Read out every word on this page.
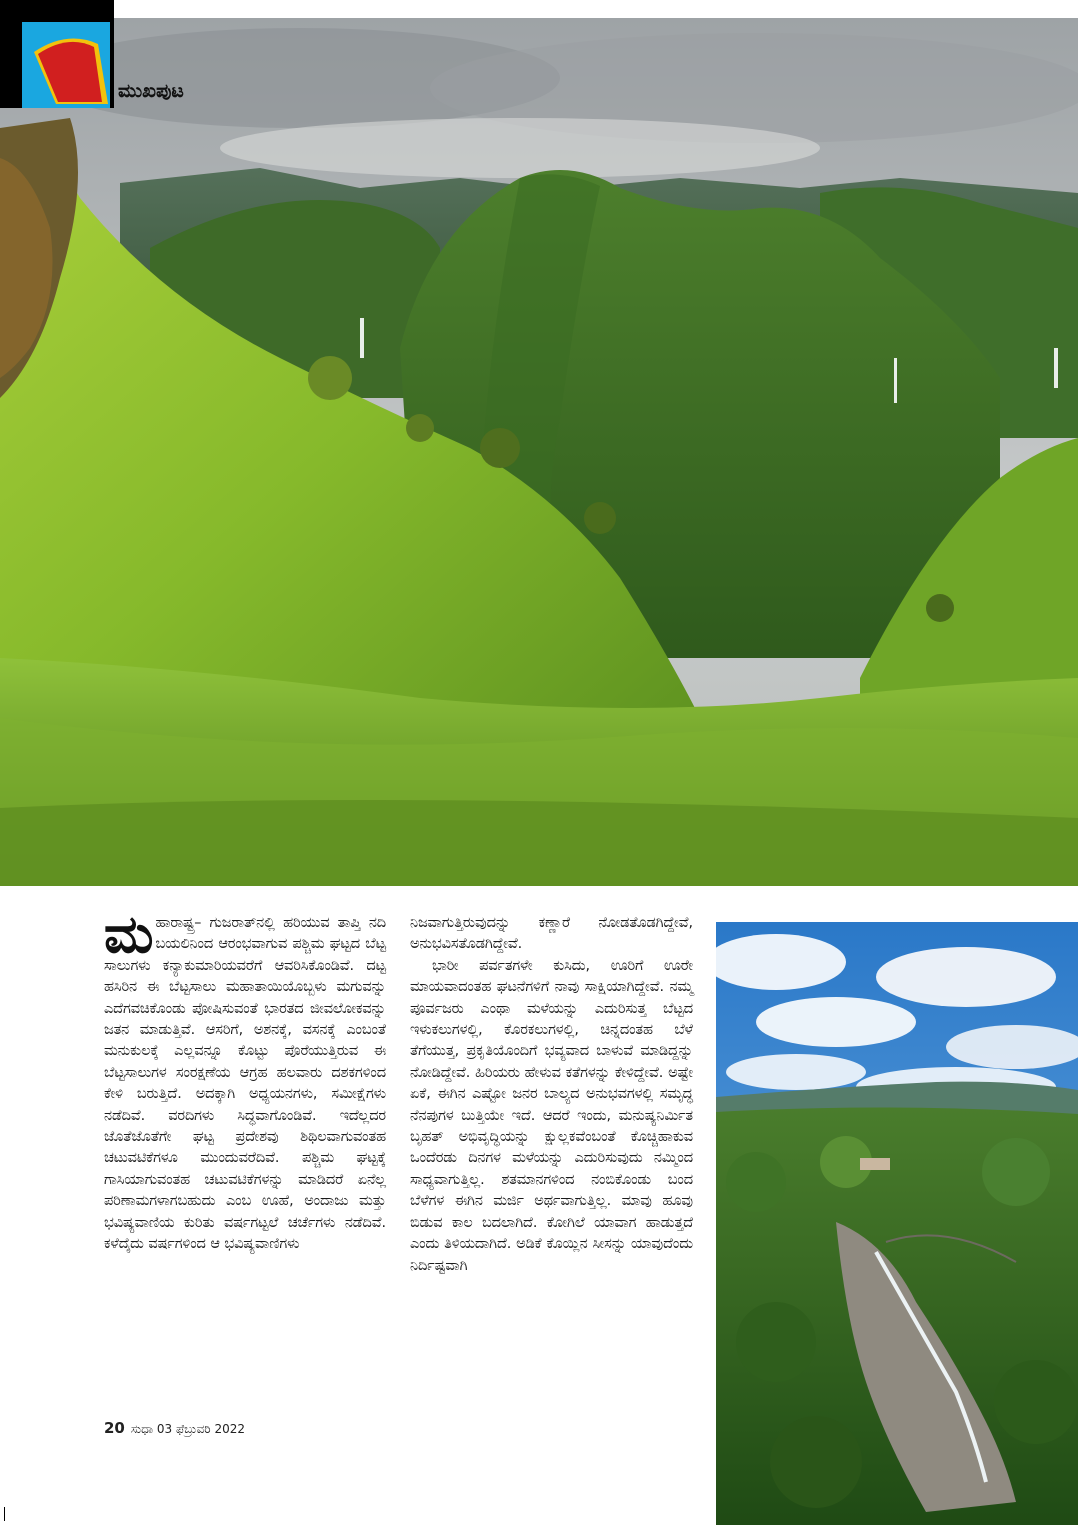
ಮುಖಪುಟ

ಮಹಾರಾಷ್ಟ್ರ– ಗುಜರಾತ್‌ನಲ್ಲಿ ಹರಿಯುವ ತಾಪ್ತಿ ನದಿ ಬಯಲಿನಿಂದ ಆರಂಭವಾಗುವ ಪಶ್ಚಿಮ ಘಟ್ಟದ ಬೆಟ್ಟ ಸಾಲುಗಳು ಕನ್ಯಾಕುಮಾರಿಯವರೆಗೆ ಆವರಿಸಿಕೊಂಡಿವೆ. ದಟ್ಟ ಹಸಿರಿನ ಈ ಬೆಟ್ಟಸಾಲು ಮಹಾತಾಯಿಯೊಬ್ಬಳು ಮಗುವನ್ನು ಎದೆಗವಚಿಕೊಂಡು ಪೋಷಿಸುವಂತೆ ಭಾರತದ ಜೀವಲೋಕವನ್ನು ಜತನ ಮಾಡುತ್ತಿವೆ. ಆಸರಿಗೆ, ಅಶನಕ್ಕೆ, ವಸನಕ್ಕೆ ಎಂಬಂತೆ ಮನುಕುಲಕ್ಕೆ ಎಲ್ಲವನ್ನೂ ಕೊಟ್ಟು ಪೊರೆಯುತ್ತಿರುವ ಈ ಬೆಟ್ಟಸಾಲುಗಳ ಸಂರಕ್ಷಣೆಯ ಆಗ್ರಹ ಹಲವಾರು ದಶಕಗಳಿಂದ ಕೇಳಿ ಬರುತ್ತಿದೆ. ಅದಕ್ಕಾಗಿ ಅಧ್ಯಯನಗಳು, ಸಮೀಕ್ಷೆಗಳು ನಡೆದಿವೆ. ವರದಿಗಳು ಸಿದ್ಧವಾಗೊಂಡಿವೆ. ಇದೆಲ್ಲದರ ಜೊತೆಜೊತೆಗೇ ಘಟ್ಟ ಪ್ರದೇಶವು ಶಿಥಿಲವಾಗುವಂತಹ ಚಟುವಟಿಕೆಗಳೂ ಮುಂದುವರೆದಿವೆ. ಪಶ್ಚಿಮ ಘಟ್ಟಕ್ಕೆ ಗಾಸಿಯಾಗುವಂತಹ ಚಟುವಟಿಕೆಗಳನ್ನು ಮಾಡಿದರೆ ಏನೆಲ್ಲ ಪರಿಣಾಮಗಳಾಗಬಹುದು ಎಂಬ ಊಹೆ, ಅಂದಾಜು ಮತ್ತು ಭವಿಷ್ಯವಾಣಿಯ ಕುರಿತು ವರ್ಷಗಟ್ಟಲೆ ಚರ್ಚೆಗಳು ನಡೆದಿವೆ. ಕಳೆದೈದು ವರ್ಷಗಳಿಂದ ಆ ಭವಿಷ್ಯವಾಣಿಗಳು

ನಿಜವಾಗುತ್ತಿರುವುದನ್ನು ಕಣ್ಣಾರೆ ನೋಡತೊಡಗಿದ್ದೇವೆ, ಅನುಭವಿಸತೊಡಗಿದ್ದೇವೆ.

ಭಾರೀ ಪರ್ವತಗಳೇ ಕುಸಿದು, ಊರಿಗೆ ಊರೇ ಮಾಯವಾದಂತಹ ಘಟನೆಗಳಿಗೆ ನಾವು ಸಾಕ್ಷಿಯಾಗಿದ್ದೇವೆ. ನಮ್ಮ ಪೂರ್ವಜರು ಎಂಥಾ ಮಳೆಯನ್ನು ಎದುರಿಸುತ್ತ ಬೆಟ್ಟದ ಇಳುಕಲುಗಳಲ್ಲಿ, ಕೊರಕಲುಗಳಲ್ಲಿ, ಚಿನ್ನದಂತಹ ಬೆಳೆ ತೆಗೆಯುತ್ತ, ಪ್ರಕೃತಿಯೊಂದಿಗೆ ಭವ್ಯವಾದ ಬಾಳುವೆ ಮಾಡಿದ್ದನ್ನು ನೋಡಿದ್ದೇವೆ. ಹಿರಿಯರು ಹೇಳುವ ಕತೆಗಳನ್ನು ಕೇಳಿದ್ದೇವೆ. ಅಷ್ಟೇ ಏಕೆ, ಈಗಿನ ಎಷ್ಟೋ ಜನರ ಬಾಲ್ಯದ ಅನುಭವಗಳಲ್ಲಿ ಸಮೃದ್ಧ ನೆನಪುಗಳ ಬುತ್ತಿಯೇ ಇದೆ. ಆದರೆ ಇಂದು, ಮನುಷ್ಯನಿರ್ಮಿತ ಬೃಹತ್ ಅಭಿವೃದ್ಧಿಯನ್ನು ಕ್ಷುಲ್ಲಕವೆಂಬಂತೆ ಕೊಚ್ಚಿಹಾಕುವ ಒಂದೆರಡು ದಿನಗಳ ಮಳೆಯನ್ನು ಎದುರಿಸುವುದು ನಮ್ಮಿಂದ ಸಾಧ್ಯವಾಗುತ್ತಿಲ್ಲ. ಶತಮಾನಗಳಿಂದ ನಂಬಿಕೊಂಡು ಬಂದ ಬೆಳೆಗಳ ಈಗಿನ ಮರ್ಜಿ ಅರ್ಥವಾಗುತ್ತಿಲ್ಲ. ಮಾವು ಹೂವು ಬಿಡುವ ಕಾಲ ಬದಲಾಗಿದೆ. ಕೋಗಿಲೆ ಯಾವಾಗ ಹಾಡುತ್ತದೆ ಎಂದು ತಿಳಿಯದಾಗಿದೆ. ಅಡಿಕೆ ಕೊಯ್ಲಿನ ಸೀಸನ್ನು ಯಾವುದೆಂದು ನಿರ್ದಿಷ್ಟವಾಗಿ

20 ಸುಧಾ 03 ಫೆಬ್ರುವರಿ 2022
